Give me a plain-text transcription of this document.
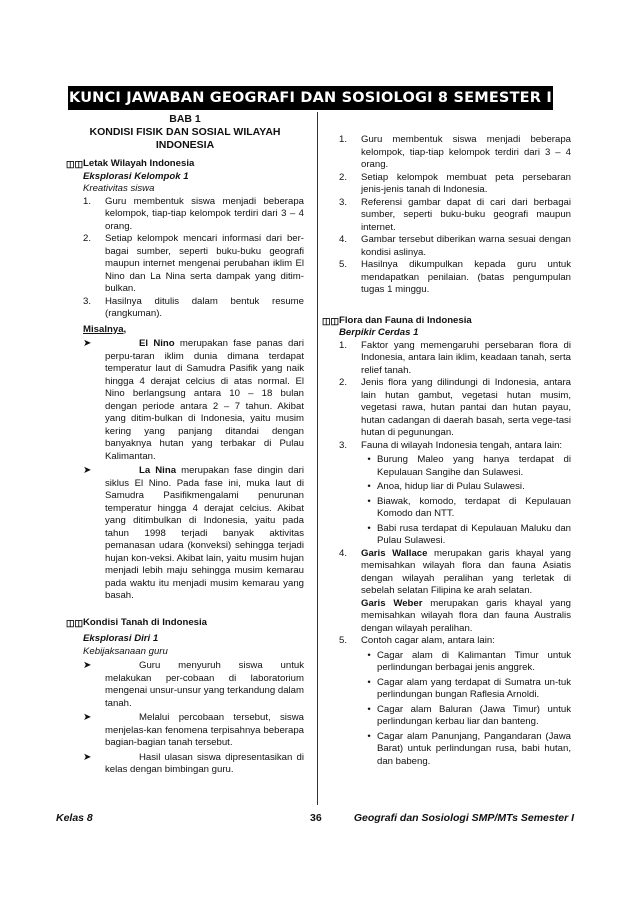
KUNCI JAWABAN GEOGRAFI DAN SOSIOLOGI 8 SEMESTER I
BAB 1
KONDISI FISIK DAN SOSIAL WILAYAH
INDONESIA
◫◫ Letak Wilayah Indonesia
Eksplorasi Kelompok 1
Kreativitas siswa
1.	Guru membentuk siswa menjadi beberapa kelompok, tiap-tiap kelompok terdiri dari 3 – 4 orang.
2.	Setiap kelompok mencari informasi dari ber-bagai sumber, seperti buku-buku geografi maupun internet mengenai perubahan iklim El Nino dan La Nina serta dampak yang ditim-bulkan.
3.	Hasilnya ditulis dalam bentuk resume (rangkuman).
Misalnya,
➤	El Nino merupakan fase panas dari perpu-taran iklim dunia dimana terdapat temperatur laut di Samudra Pasifik yang naik hingga 4 derajat celcius di atas normal. El Nino berlangsung antara 10 – 18 bulan dengan periode antara 2 – 7 tahun. Akibat yang ditim-bulkan di Indonesia, yaitu musim kering yang panjang ditandai dengan banyaknya hutan yang terbakar di Pulau Kalimantan.
➤	La Nina merupakan fase dingin dari siklus El Nino. Pada fase ini, muka laut di Samudra Pasifikmengalami penurunan temperatur hingga 4 derajat celcius. Akibat yang ditimbulkan di Indonesia, yaitu pada tahun 1998 terjadi banyak aktivitas pemanasan udara (konveksi) sehingga terjadi hujan kon-veksi. Akibat lain, yaitu musim hujan menjadi lebih maju sehingga musim kemarau pada waktu itu menjadi musim kemarau yang basah.
◫◫ Kondisi Tanah di Indonesia
Eksplorasi Diri 1
Kebijaksanaan guru
➤	Guru menyuruh siswa untuk melakukan per-cobaan di laboratorium mengenai unsur-unsur yang terkandung dalam tanah.
➤	Melalui percobaan tersebut, siswa menjelas-kan fenomena terpisahnya beberapa bagian-bagian tanah tersebut.
➤	Hasil ulasan siswa dipresentasikan di kelas dengan bimbingan guru.
1.	Guru membentuk siswa menjadi beberapa kelompok, tiap-tiap kelompok terdiri dari 3 – 4 orang.
2.	Setiap kelompok membuat peta persebaran jenis-jenis tanah di Indonesia.
3.	Referensi gambar dapat di cari dari berbagai sumber, seperti buku-buku geografi maupun internet.
4.	Gambar tersebut diberikan warna sesuai dengan kondisi aslinya.
5.	Hasilnya dikumpulkan kepada guru untuk mendapatkan penilaian. (batas pengumpulan tugas 1 minggu.
◫◫ Flora dan Fauna di Indonesia
Berpikir Cerdas 1
1.	Faktor yang memengaruhi persebaran flora di Indonesia, antara lain iklim, keadaan tanah, serta relief tanah.
2.	Jenis flora yang dilindungi di Indonesia, antara lain hutan gambut, vegetasi hutan musim, vegetasi rawa, hutan pantai dan hutan payau, hutan cadangan di daerah basah, serta vege-tasi hutan di pegunungan.
3.	Fauna di wilayah Indonesia tengah, antara lain:
• Burung Maleo yang hanya terdapat di Kepulauan Sangihe dan Sulawesi.
• Anoa, hidup liar di Pulau Sulawesi.
• Biawak, komodo, terdapat di Kepulauan Komodo dan NTT.
• Babi rusa terdapat di Kepulauan Maluku dan Pulau Sulawesi.
4.	Garis Wallace merupakan garis khayal yang memisahkan wilayah flora dan fauna Asiatis dengan wilayah peralihan yang terletak di sebelah selatan Filipina ke arah selatan.
Garis Weber merupakan garis khayal yang memisahkan wilayah flora dan fauna Australis dengan wilayah peralihan.
5.	Contoh cagar alam, antara lain:
• Cagar alam di Kalimantan Timur untuk perlindungan berbagai jenis anggrek.
• Cagar alam yang terdapat di Sumatra un-tuk perlindungan bungan Raflesia Arnoldi.
• Cagar alam Baluran (Jawa Timur) untuk perlindungan kerbau liar dan banteng.
• Cagar alam Panunjang, Pangandaran (Jawa Barat) untuk perlindungan rusa, babi hutan, dan babeng.
Kelas 8	36	Geografi dan Sosiologi SMP/MTs Semester I
